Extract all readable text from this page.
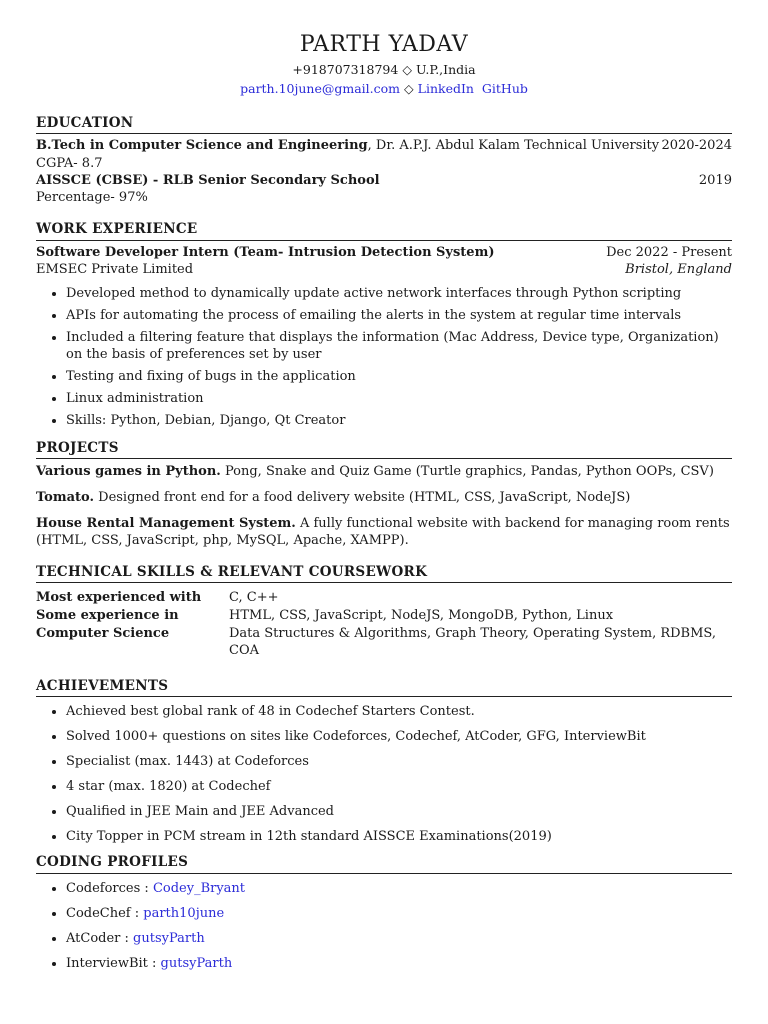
PARTH YADAV
+918707318794 ◇ U.P.,India
parth.10june@gmail.com ◇ LinkedIn GitHub
EDUCATION
B.Tech in Computer Science and Engineering, Dr. A.P.J. Abdul Kalam Technical University 2020-2024
CGPA- 8.7
AISSCE (CBSE) - RLB Senior Secondary School	2019
Percentage- 97%
WORK EXPERIENCE
Software Developer Intern (Team- Intrusion Detection System)	Dec 2022 - Present
EMSEC Private Limited	Bristol, England
• Developed method to dynamically update active network interfaces through Python scripting
• APIs for automating the process of emailing the alerts in the system at regular time intervals
• Included a filtering feature that displays the information (Mac Address, Device type, Organization) on the basis of preferences set by user
• Testing and fixing of bugs in the application
• Linux administration
• Skills: Python, Debian, Django, Qt Creator
PROJECTS
Various games in Python. Pong, Snake and Quiz Game (Turtle graphics, Pandas, Python OOPs, CSV)
Tomato. Designed front end for a food delivery website (HTML, CSS, JavaScript, NodeJS)
House Rental Management System. A fully functional website with backend for managing room rents (HTML, CSS, JavaScript, php, MySQL, Apache, XAMPP).
TECHNICAL SKILLS & RELEVANT COURSEWORK
Most experienced with	C, C++
Some experience in	HTML, CSS, JavaScript, NodeJS, MongoDB, Python, Linux
Computer Science	Data Structures & Algorithms, Graph Theory, Operating System, RDBMS, COA
ACHIEVEMENTS
• Achieved best global rank of 48 in Codechef Starters Contest.
• Solved 1000+ questions on sites like Codeforces, Codechef, AtCoder, GFG, InterviewBit
• Specialist (max. 1443) at Codeforces
• 4 star (max. 1820) at Codechef
• Qualified in JEE Main and JEE Advanced
• City Topper in PCM stream in 12th standard AISSCE Examinations(2019)
CODING PROFILES
• Codeforces : Codey_Bryant
• CodeChef : parth10june
• AtCoder : gutsyParth
• InterviewBit : gutsyParth
